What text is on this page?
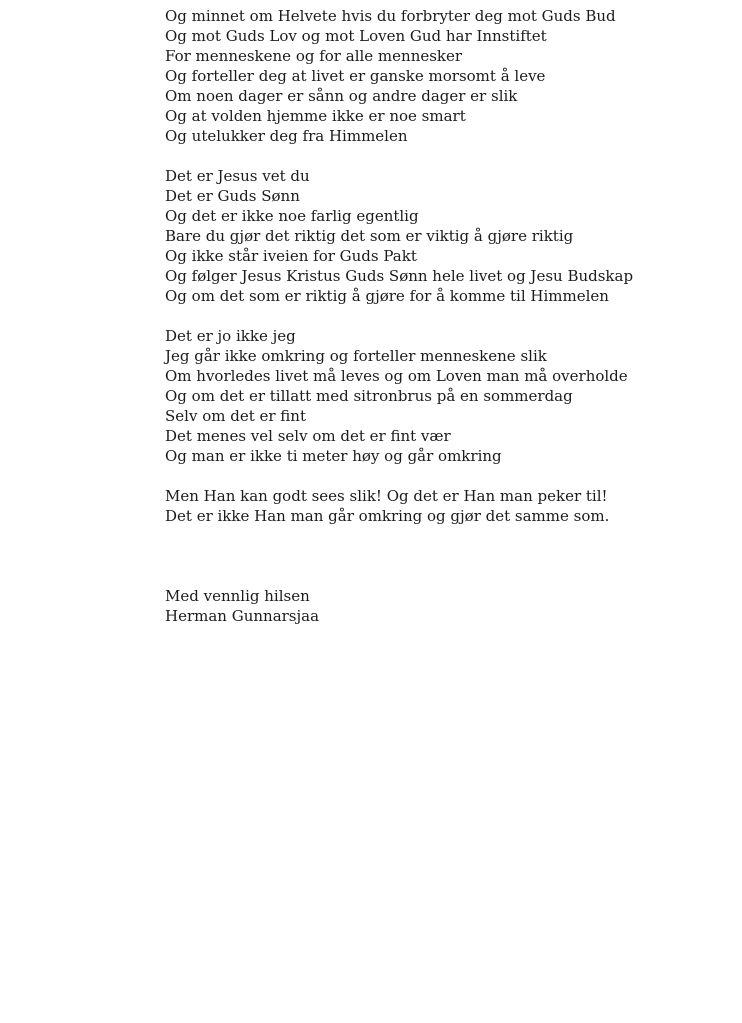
Og minnet om Helvete hvis du forbryter deg mot Guds Bud

Og mot Guds Lov og mot Loven Gud har Innstiftet

For menneskene og for alle mennesker

Og forteller deg at livet er ganske morsomt å leve

Om noen dager er sånn og andre dager er slik

Og at volden hjemme ikke er noe smart

Og utelukker deg fra Himmelen

Det er Jesus vet du

Det er Guds Sønn

Og det er ikke noe farlig egentlig

Bare du gjør det riktig det som er viktig å gjøre riktig

Og ikke står iveien for Guds Pakt

Og følger Jesus Kristus Guds Sønn hele livet og Jesu Budskap

Og om det som er riktig å gjøre for å komme til Himmelen

Det er jo ikke jeg

Jeg går ikke omkring og forteller menneskene slik

Om hvorledes livet må leves og om Loven man må overholde

Og om det er tillatt med sitronbrus på en sommerdag

Selv om det er fint

Det menes vel selv om det er fint vær

Og man er ikke ti meter høy og går omkring

Men Han kan godt sees slik! Og det er Han man peker til!

Det er ikke Han man går omkring og gjør det samme som.

Med vennlig hilsen

Herman Gunnarsjaa
